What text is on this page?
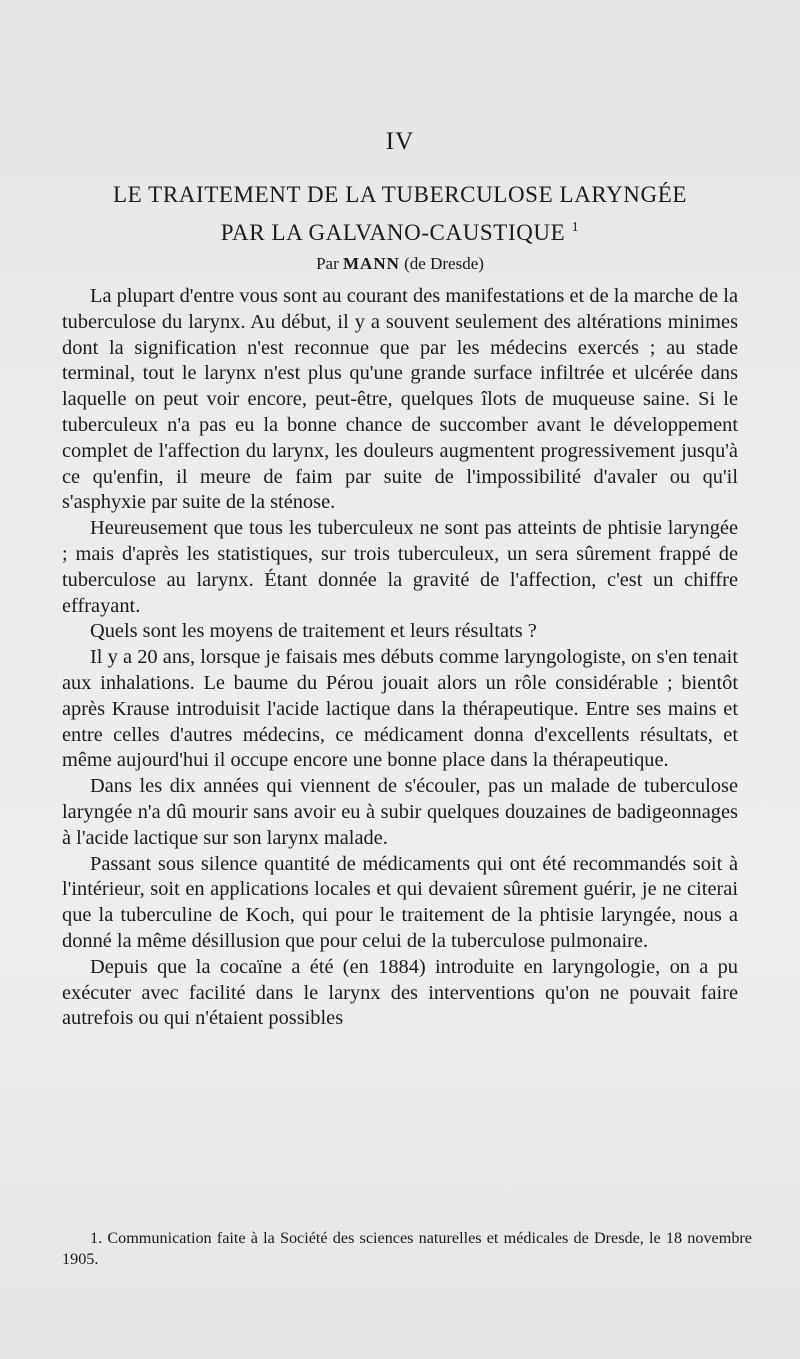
IV
LE TRAITEMENT DE LA TUBERCULOSE LARYNGÉE
PAR LA GALVANO-CAUSTIQUE $^1$
Par MANN (de Dresde)

La plupart d'entre vous sont au courant des manifestations et de la marche de la tuberculose du larynx. Au début, il y a souvent seulement des altérations minimes dont la signification n'est reconnue que par les médecins exercés ; au stade terminal, tout le larynx n'est plus qu'une grande surface infiltrée et ulcérée dans laquelle on peut voir encore, peut-être, quelques îlots de muqueuse saine. Si le tuberculeux n'a pas eu la bonne chance de succomber avant le développement complet de l'affection du larynx, les douleurs augmentent progressivement jusqu'à ce qu'enfin, il meure de faim par suite de l'impossibilité d'avaler ou qu'il s'asphyxie par suite de la sténose.

Heureusement que tous les tuberculeux ne sont pas atteints de phtisie laryngée ; mais d'après les statistiques, sur trois tuberculeux, un sera sûrement frappé de tuberculose au larynx. Étant donnée la gravité de l'affection, c'est un chiffre effrayant.

Quels sont les moyens de traitement et leurs résultats ?

Il y a 20 ans, lorsque je faisais mes débuts comme laryngologiste, on s'en tenait aux inhalations. Le baume du Pérou jouait alors un rôle considérable ; bientôt après Krause introduisit l'acide lactique dans la thérapeutique. Entre ses mains et entre celles d'autres médecins, ce médicament donna d'excellents résultats, et même aujourd'hui il occupe encore une bonne place dans la thérapeutique.

Dans les dix années qui viennent de s'écouler, pas un malade de tuberculose laryngée n'a dû mourir sans avoir eu à subir quelques douzaines de badigeonnages à l'acide lactique sur son larynx malade.

Passant sous silence quantité de médicaments qui ont été recommandés soit à l'intérieur, soit en applications locales et qui devaient sûrement guérir, je ne citerai que la tuberculine de Koch, qui pour le traitement de la phtisie laryngée, nous a donné la même désillusion que pour celui de la tuberculose pulmonaire.

Depuis que la cocaïne a été (en 1884) introduite en laryngologie, on a pu exécuter avec facilité dans le larynx des interventions qu'on ne pouvait faire autrefois ou qui n'étaient possibles

1. Communication faite à la Société des sciences naturelles et médicales de Dresde, le 18 novembre 1905.
